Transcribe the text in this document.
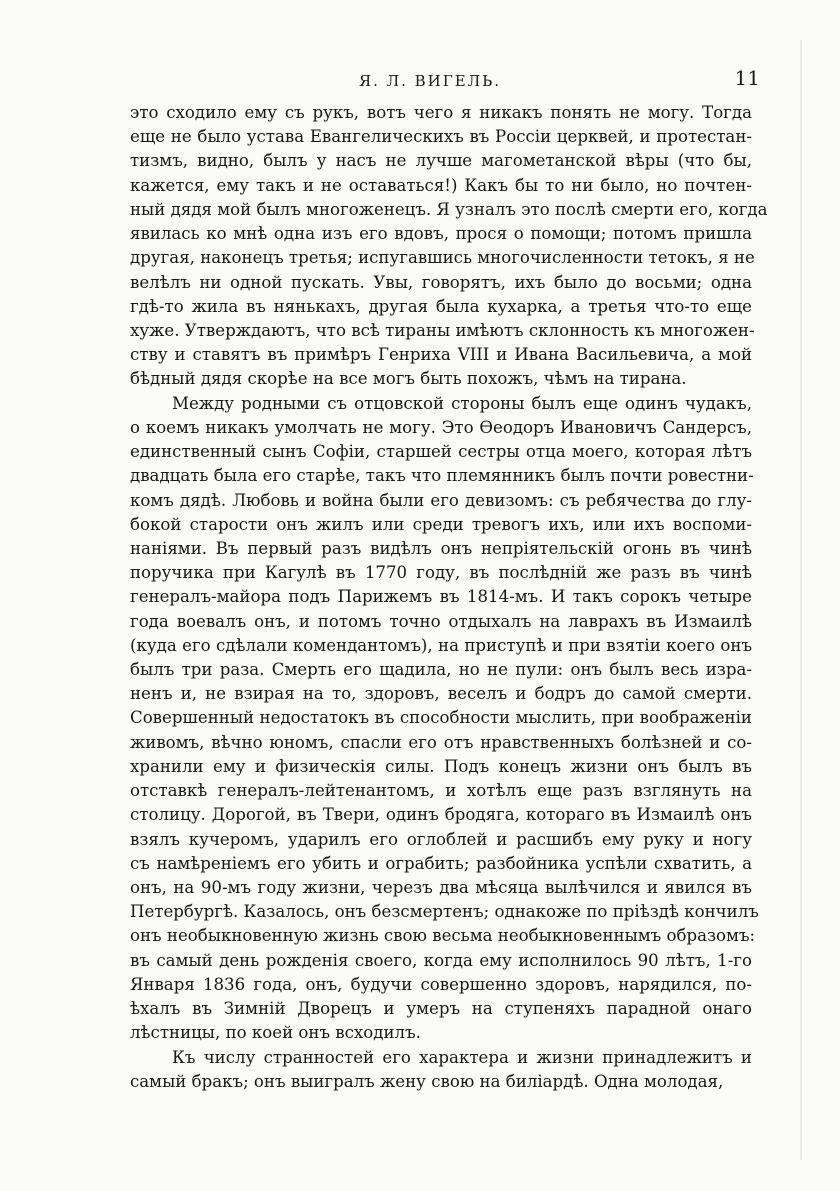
Я. Л. ВИГЕЛЬ.	11
это сходило ему съ рукъ, вотъ чего я никакъ понять не могу. Тогда
еще не было устава Евангелическихъ въ Россіи церквей, и протестан-
тизмъ, видно, былъ у насъ не лучше магометанской вѣры (что бы,
кажется, ему такъ и не оставаться!) Какъ бы то ни было, но почтен-
ный дядя мой былъ многоженецъ. Я узналъ это послѣ смерти его, когда
явилась ко мнѣ одна изъ его вдовъ, прося о помощи; потомъ пришла
другая, наконецъ третья; испугавшись многочисленности тетокъ, я не
велѣлъ ни одной пускать. Увы, говорятъ, ихъ было до восьми; одна
гдѣ-то жила въ нянькахъ, другая была кухарка, а третья что-то еще
хуже. Утверждаютъ, что всѣ тираны имѣютъ склонность къ многожен-
ству и ставятъ въ примѣръ Генриха VIII и Ивана Васильевича, а мой
бѣдный дядя скорѣе на все могъ быть похожъ, чѣмъ на тирана.
Между родными съ отцовской стороны былъ еще одинъ чудакъ,
о коемъ никакъ умолчать не могу. Это Ѳеодоръ Ивановичъ Сандерсъ,
единственный сынъ Софіи, старшей сестры отца моего, которая лѣтъ
двадцать была его старѣе, такъ что племянникъ былъ почти ровестни-
комъ дядѣ. Любовь и война были его девизомъ: съ ребячества до глу-
бокой старости онъ жилъ или среди тревогъ ихъ, или ихъ воспоми-
наніями. Въ первый разъ видѣлъ онъ непріятельскій огонь въ чинѣ
поручика при Кагулѣ въ 1770 году, въ послѣдній же разъ въ чинѣ
генералъ-майора подъ Парижемъ въ 1814-мъ. И такъ сорокъ четыре
года воевалъ онъ, и потомъ точно отдыхалъ на лаврахъ въ Измаилѣ
(куда его сдѣлали комендантомъ), на приступѣ и при взятіи коего онъ
былъ три раза. Смерть его щадила, но не пули: онъ былъ весь изра-
ненъ и, не взирая на то, здоровъ, веселъ и бодръ до самой смерти.
Совершенный недостатокъ въ способности мыслить, при воображеніи
живомъ, вѣчно юномъ, спасли его отъ нравственныхъ болѣзней и со-
хранили ему и физическія силы. Подъ конецъ жизни онъ былъ въ
отставкѣ генералъ-лейтенантомъ, и хотѣлъ еще разъ взглянуть на
столицу. Дорогой, въ Твери, одинъ бродяга, котораго въ Измаилѣ онъ
взялъ кучеромъ, ударилъ его оглоблей и расшибъ ему руку и ногу
съ намѣреніемъ его убить и ограбить; разбойника успѣли схватить, а
онъ, на 90-мъ году жизни, черезъ два мѣсяца вылѣчился и явился въ
Петербургѣ. Казалось, онъ безсмертенъ; однакоже по пріѣздѣ кончилъ
онъ необыкновенную жизнь свою весьма необыкновеннымъ образомъ:
въ самый день рожденія своего, когда ему исполнилось 90 лѣтъ, 1-го
Января 1836 года, онъ, будучи совершенно здоровъ, нарядился, по-
ѣхалъ въ Зимній Дворецъ и умеръ на ступеняхъ парадной онаго
лѣстницы, по коей онъ всходилъ.
Къ числу странностей его характера и жизни принадлежитъ и
самый бракъ; онъ выигралъ жену свою на биліардѣ. Одна молодая,
